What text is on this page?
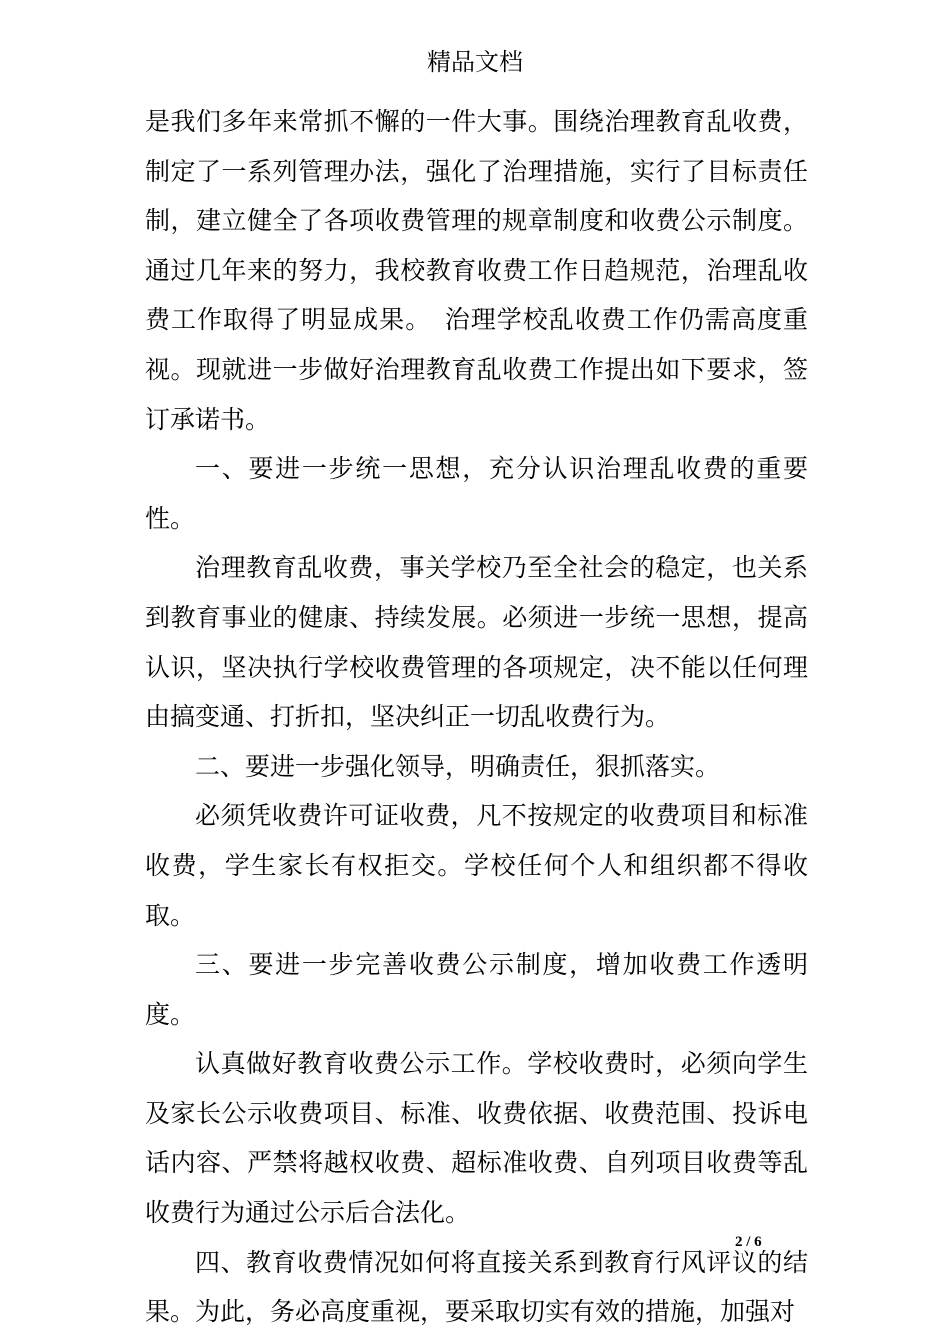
精品文档

是我们多年来常抓不懈的一件大事。围绕治理教育乱收费，制定了一系列管理办法，强化了治理措施，实行了目标责任制，建立健全了各项收费管理的规章制度和收费公示制度。通过几年来的努力，我校教育收费工作日趋规范，治理乱收费工作取得了明显成果。　治理学校乱收费工作仍需高度重视。现就进一步做好治理教育乱收费工作提出如下要求，签订承诺书。

一、要进一步统一思想，充分认识治理乱收费的重要性。

治理教育乱收费，事关学校乃至全社会的稳定，也关系到教育事业的健康、持续发展。必须进一步统一思想，提高认识，坚决执行学校收费管理的各项规定，决不能以任何理由搞变通、打折扣，坚决纠正一切乱收费行为。

二、要进一步强化领导，明确责任，狠抓落实。

必须凭收费许可证收费，凡不按规定的收费项目和标准收费，学生家长有权拒交。学校任何个人和组织都不得收取。

三、要进一步完善收费公示制度，增加收费工作透明度。

认真做好教育收费公示工作。学校收费时，必须向学生及家长公示收费项目、标准、收费依据、收费范围、投诉电话内容、严禁将越权收费、超标准收费、自列项目收费等乱收费行为通过公示后合法化。

四、教育收费情况如何将直接关系到教育行风评议的结果。为此，务必高度重视，要采取切实有效的措施，加强对

2 / 6
